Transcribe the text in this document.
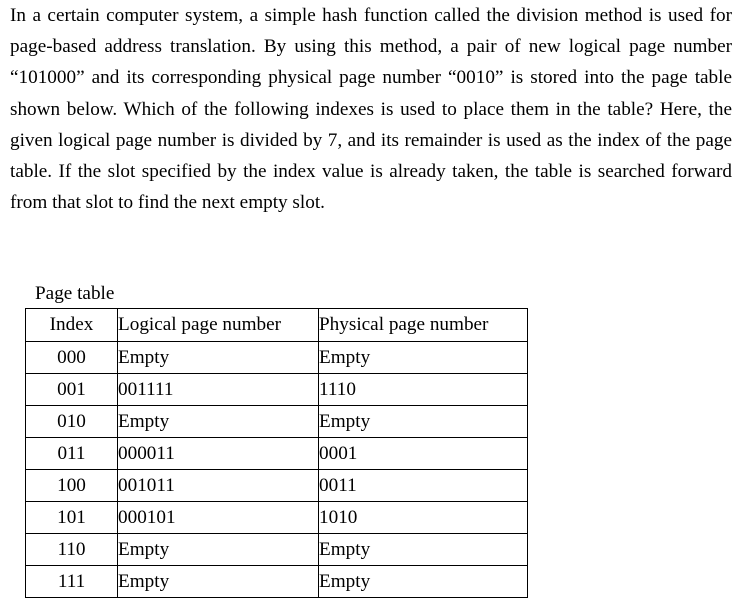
In a certain computer system, a simple hash function called the division method is used for page-based address translation. By using this method, a pair of new logical page number “101000” and its corresponding physical page number “0010” is stored into the page table shown below. Which of the following indexes is used to place them in the table? Here, the given logical page number is divided by 7, and its remainder is used as the index of the page table. If the slot specified by the index value is already taken, the table is searched forward from that slot to find the next empty slot.

Page table
Index	Logical page number	Physical page number
000	Empty	Empty
001	001111	1110
010	Empty	Empty
011	000011	0001
100	001011	0011
101	000101	1010
110	Empty	Empty
111	Empty	Empty
